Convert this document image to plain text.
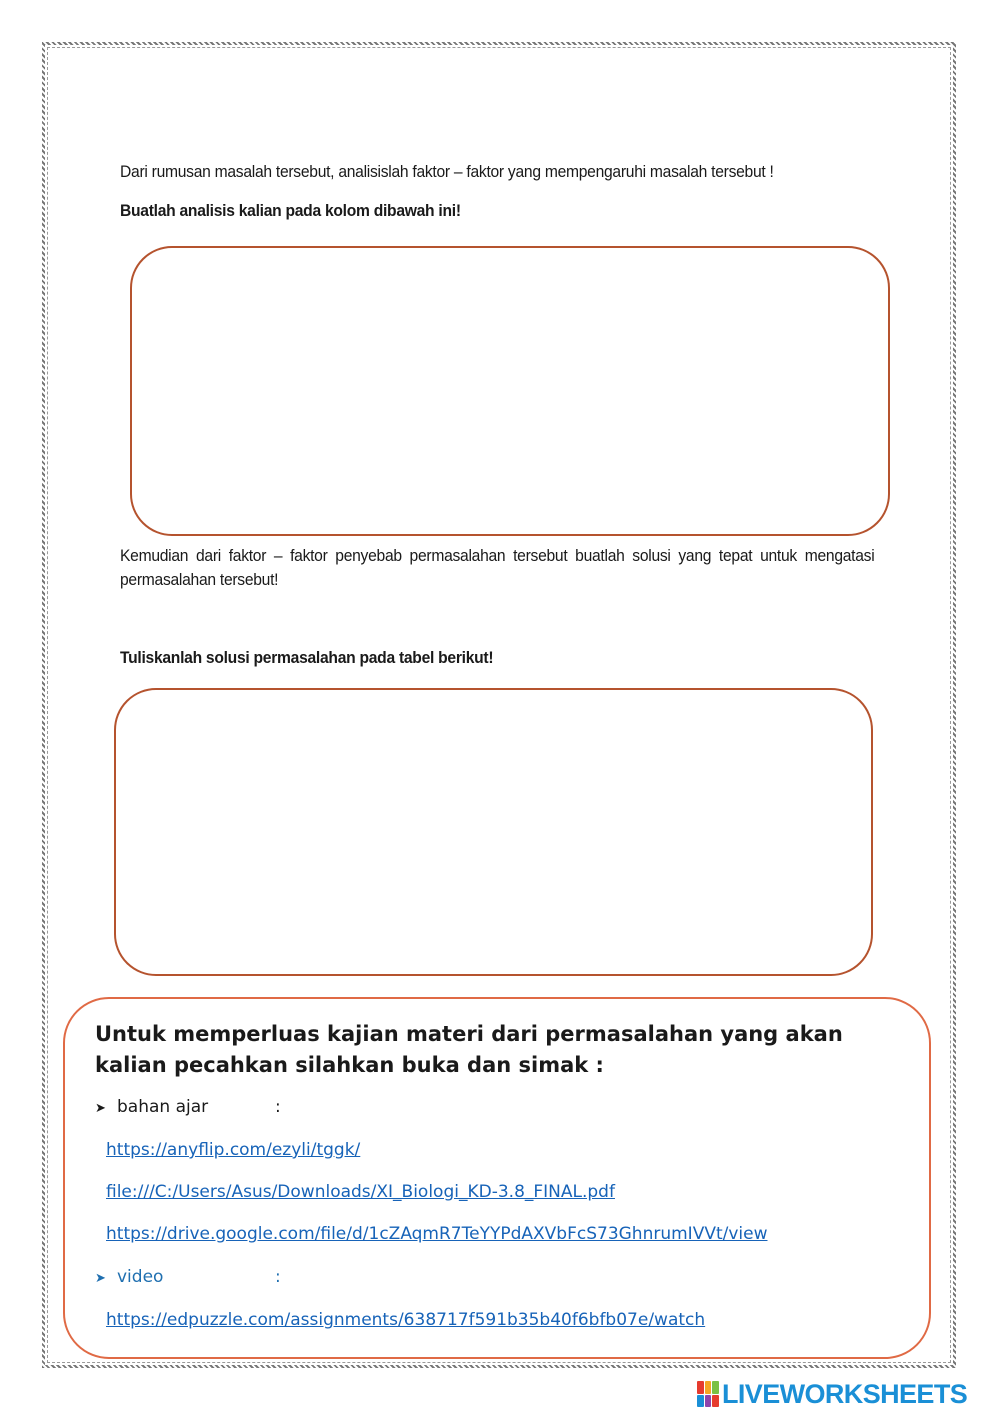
Dari rumusan masalah tersebut, analisislah faktor – faktor yang mempengaruhi masalah tersebut !
Buatlah analisis kalian pada kolom dibawah ini!
Kemudian dari faktor – faktor penyebab permasalahan tersebut buatlah solusi yang tepat untuk mengatasi permasalahan tersebut!
Tuliskanlah solusi permasalahan pada tabel berikut!
Untuk memperluas kajian materi dari permasalahan yang akan kalian pecahkan silahkan buka dan simak :
➤ bahan ajar	:
https://anyflip.com/ezyli/tggk/
file:///C:/Users/Asus/Downloads/XI_Biologi_KD-3.8_FINAL.pdf
https://drive.google.com/file/d/1cZAqmR7TeYYPdAXVbFcS73GhnrumIVVt/view
➤ video	:
https://edpuzzle.com/assignments/638717f591b35b40f6bfb07e/watch
LIVEWORKSHEETS
